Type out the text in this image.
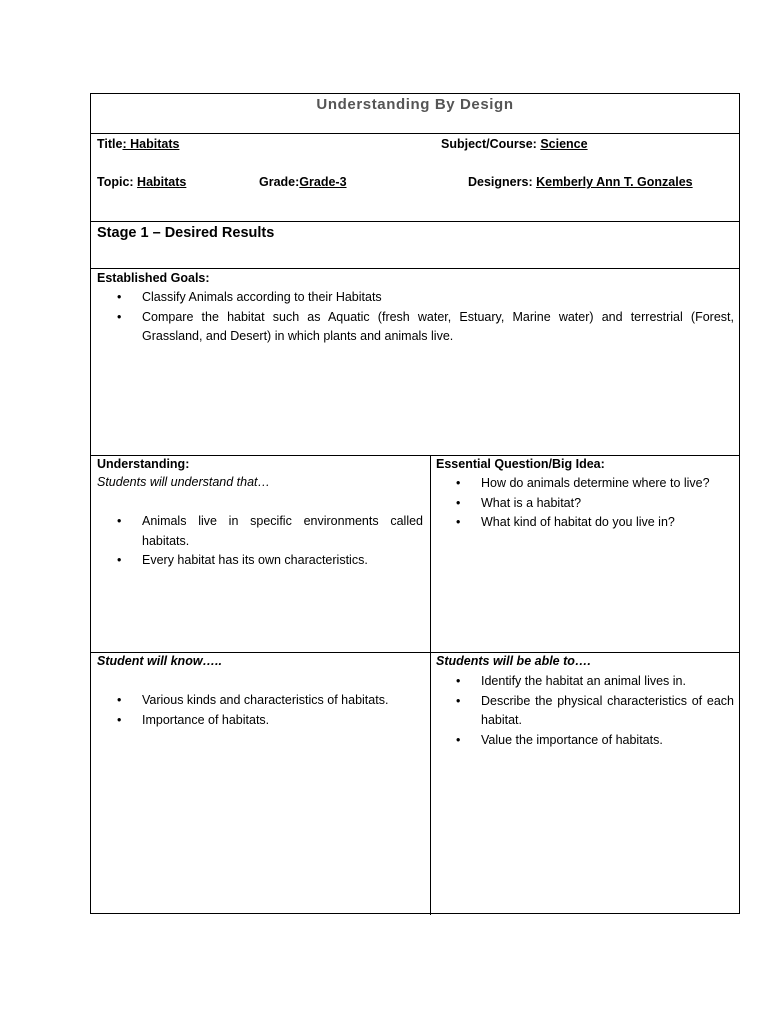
Understanding By Design
Title: Habitats	Subject/Course: Science
Topic: Habitats	Grade:Grade-3	Designers: Kemberly Ann T. Gonzales
Stage 1 – Desired Results
Established Goals:
• Classify Animals according to their Habitats
• Compare the habitat such as Aquatic (fresh water, Estuary, Marine water) and terrestrial (Forest, Grassland, and Desert) in which plants and animals live.
Understanding:
Students will understand that…
• Animals live in specific environments called habitats.
• Every habitat has its own characteristics.
Essential Question/Big Idea:
• How do animals determine where to live?
• What is a habitat?
• What kind of habitat do you live in?
Student will know…..
• Various kinds and characteristics of habitats.
• Importance of habitats.
Students will be able to….
• Identify the habitat an animal lives in.
• Describe the physical characteristics of each habitat.
• Value the importance of habitats.
